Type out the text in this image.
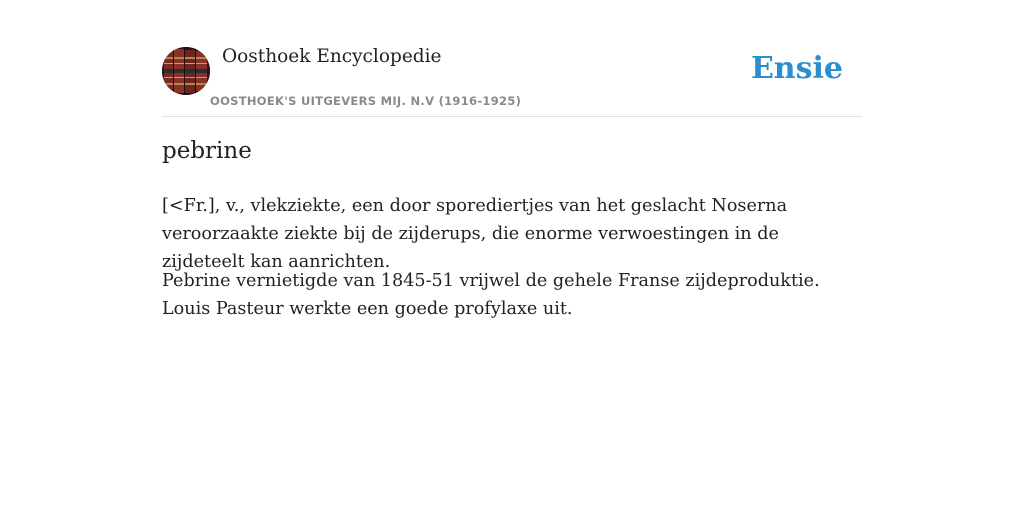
Oosthoek Encyclopedie
OOSTHOEK'S UITGEVERS MIJ. N.V (1916-1925)
Ensie
pebrine

[<Fr.], v., vlekziekte, een door sporediertjes van het geslacht Noserna veroorzaakte ziekte bij de zijderups, die enorme verwoestingen in de zijdeteelt kan aanrichten.

Pebrine vernietigde van 1845-51 vrijwel de gehele Franse zijdeproduktie. Louis Pasteur werkte een goede profylaxe uit.
